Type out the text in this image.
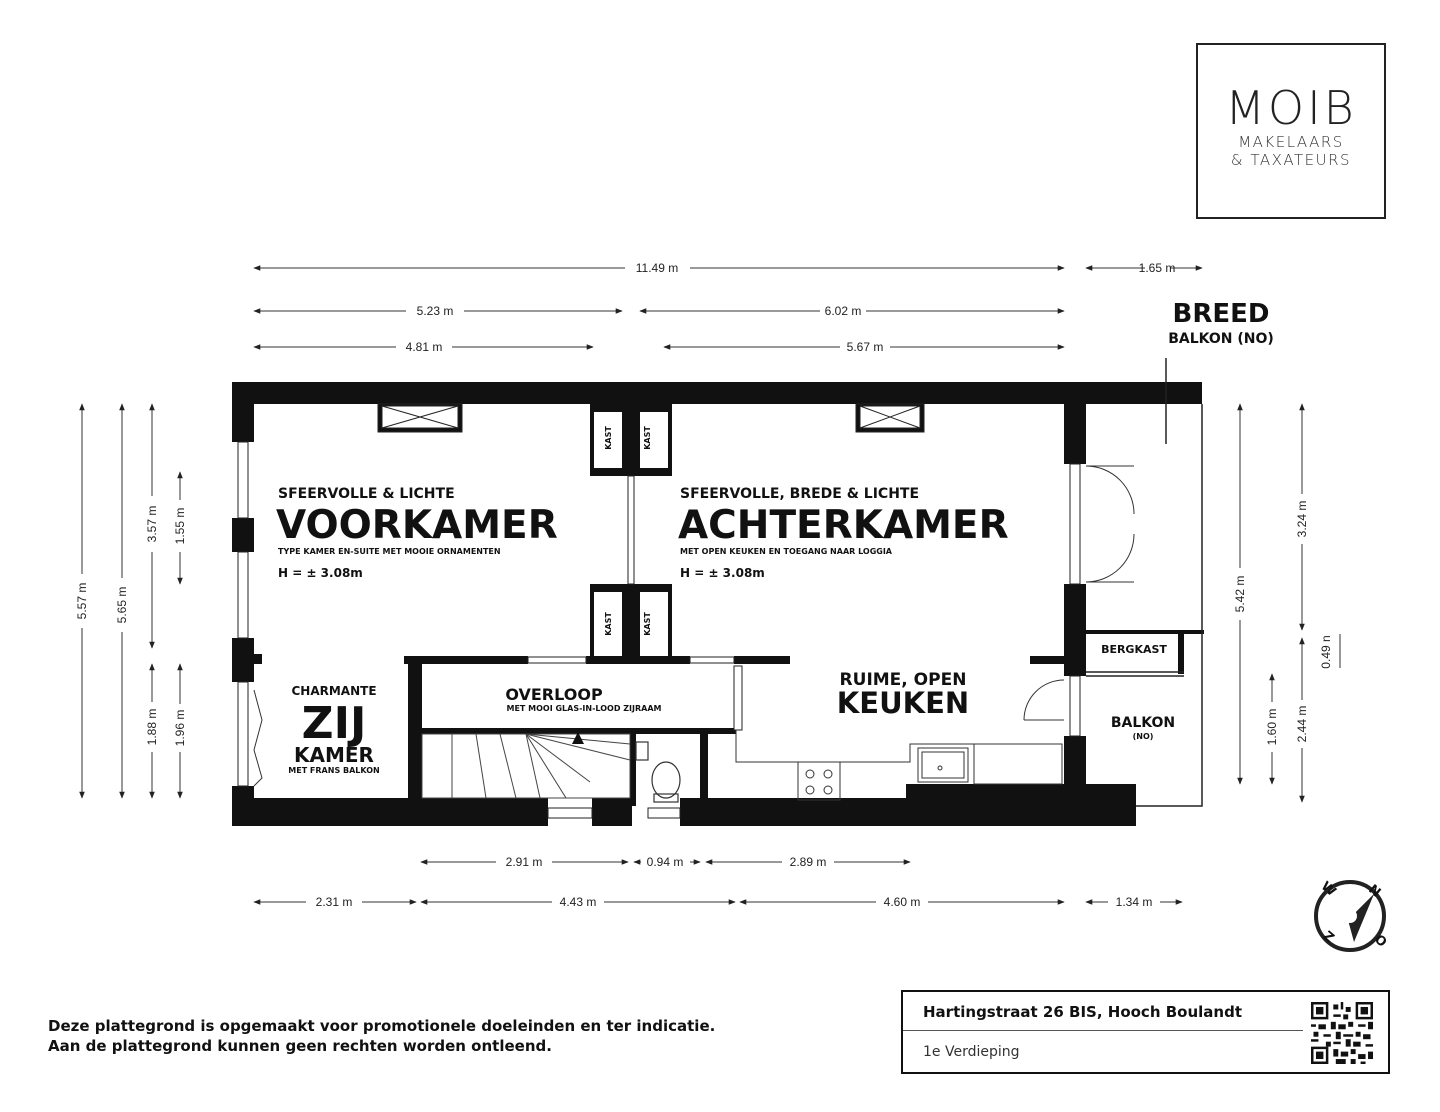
MOIB
MAKELAARS
& TAXATEURS
11.49 m	1.65 m
5.23 m	6.02 m
4.81 m	5.67 m
2.91 m	0.94 m	2.89 m
2.31 m	4.43 m	4.60 m	1.34 m
5.57 m 5.65 m
3.57 m 1.55 m
1.88 m 1.96 m
5.42 m
3.24 m
0.49 n
1.60 m 2.44 m
SFEERVOLLE & LICHTE
VOORKAMER
TYPE KAMER EN-SUITE MET MOOIE ORNAMENTEN
H = ± 3.08m
SFEERVOLLE, BREDE & LICHTE
ACHTERKAMER
MET OPEN KEUKEN EN TOEGANG NAAR LOGGIA
H = ± 3.08m
RUIME, OPEN
KEUKEN
OVERLOOP
MET MOOI GLAS-IN-LOOD ZIJRAAM
CHARMANTE
ZIJ
KAMER
MET FRANS BALKON
BREED
BALKON (NO)
BERGKAST
BALKON
(NO)
KAST	KAST
KAST	KAST
N
O
Z
W
Deze plattegrond is opgemaakt voor promotionele doeleinden en ter indicatie.
Aan de plattegrond kunnen geen rechten worden ontleend.
Hartingstraat 26 BIS, Hooch Boulandt
1e Verdieping
